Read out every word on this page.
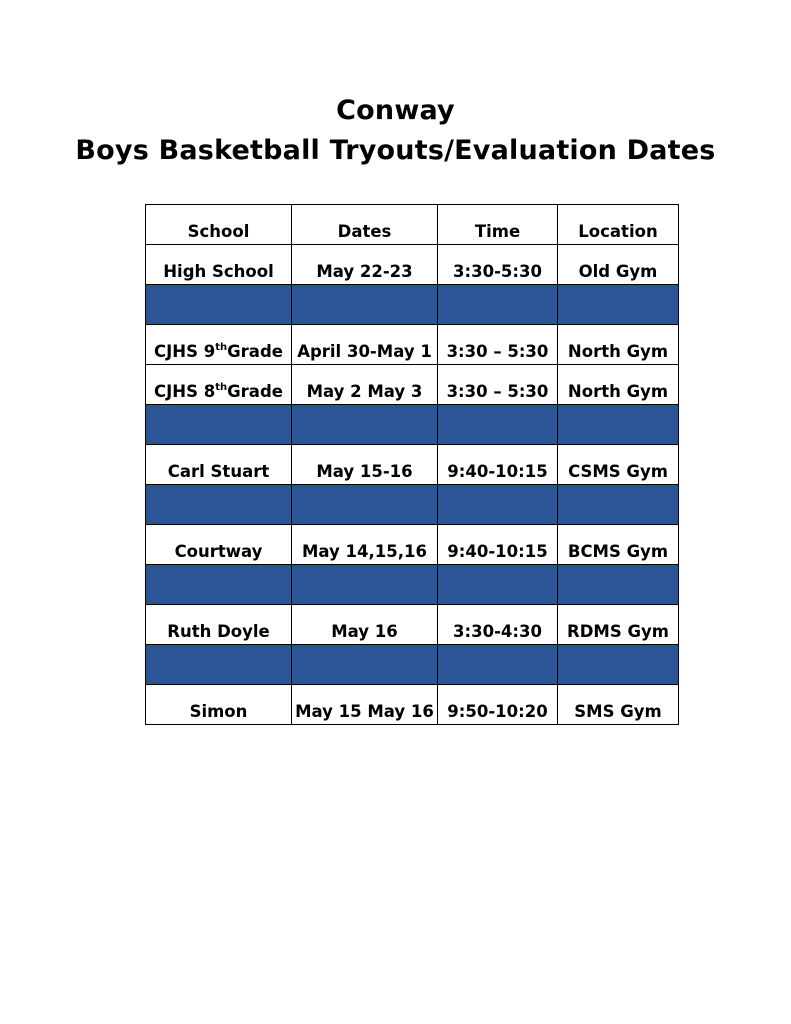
Conway
Boys Basketball Tryouts/Evaluation Dates
School	Dates	Time	Location
High School	May 22-23	3:30-5:30	Old Gym

CJHS 9thGrade	April 30-May 1	3:30 – 5:30	North Gym
CJHS 8thGrade	May 2 May 3	3:30 – 5:30	North Gym

Carl Stuart	May 15-16	9:40-10:15	CSMS Gym

Courtway	May 14,15,16	9:40-10:15	BCMS Gym

Ruth Doyle	May 16	3:30-4:30	RDMS Gym

Simon	May 15 May 16	9:50-10:20	SMS Gym
